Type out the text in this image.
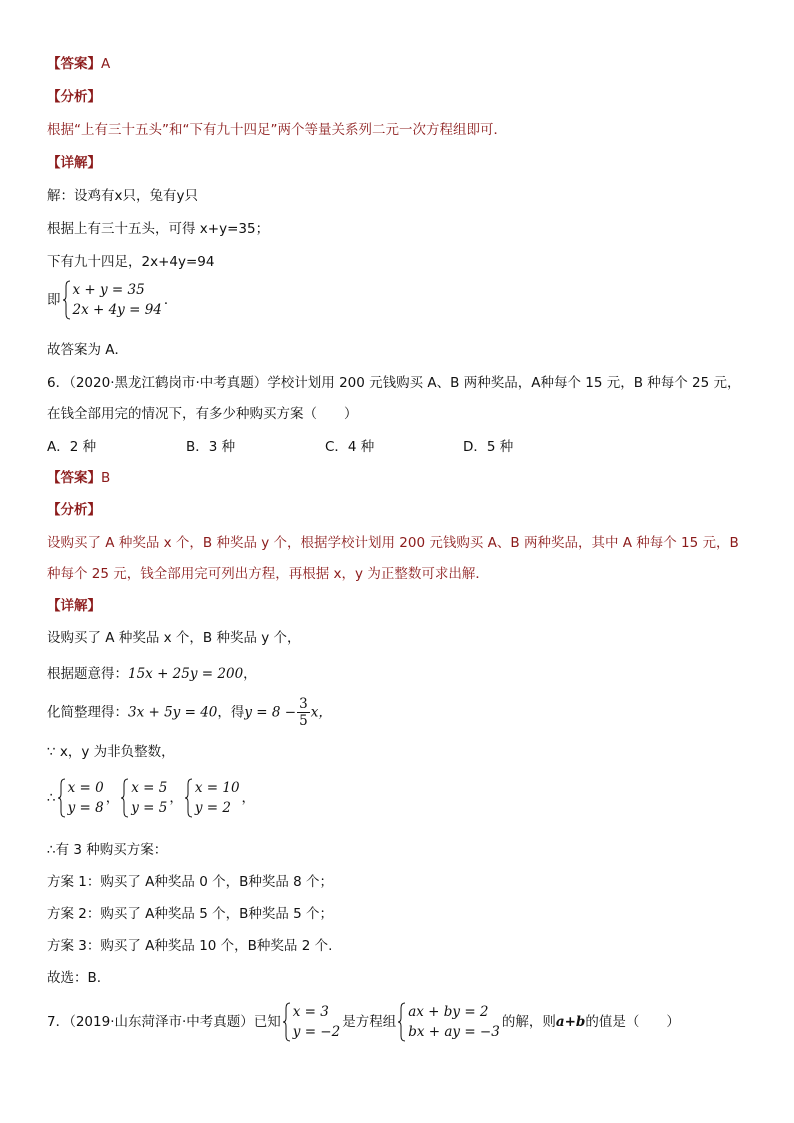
【答案】A
【分析】
根据“上有三十五头”和“下有九十四足”两个等量关系列二元一次方程组即可．
【详解】
解：设鸡有x只，兔有y只
根据上有三十五头，可得 x+y=35；
下有九十四足，2x+4y=94
即
x + y = 35
2x + 4y = 94
．
故答案为 A．
6．（2020·黑龙江鹤岗市·中考真题）学校计划用 200 元钱购买 A、B 两种奖品，A种每个 15 元，B 种每个 25 元，
在钱全部用完的情况下，有多少种购买方案（　　）
A．2 种	B．3 种	C．4 种	D．5 种
【答案】B
【分析】
设购买了 A 种奖品 x 个，B 种奖品 y 个，根据学校计划用 200 元钱购买 A、B 两种奖品，其中 A 种每个 15 元，B
种每个 25 元，钱全部用完可列出方程，再根据 x，y 为正整数可求出解．
【详解】
设购买了 A 种奖品 x 个，B 种奖品 y 个，
根据题意得：15x + 25y = 200，
化简整理得：3x + 5y = 40，得$y = 8 - \frac{3}{5}$ x，
∵ x，y 为非负整数，
∴
x = 0
y = 8
，
x = 5
y = 5
，
x = 10
y = 2
，
∴有 3 种购买方案：
方案 1：购买了 A种奖品 0 个，B种奖品 8 个；
方案 2：购买了 A种奖品 5 个，B种奖品 5 个；
方案 3：购买了 A种奖品 10 个，B种奖品 2 个.
故选：B.
7．（2019·山东菏泽市·中考真题）已知
x = 3
y = −2
是方程组
ax + by = 2
bx + ay = −3
的解，则a+b的值是（　　）
